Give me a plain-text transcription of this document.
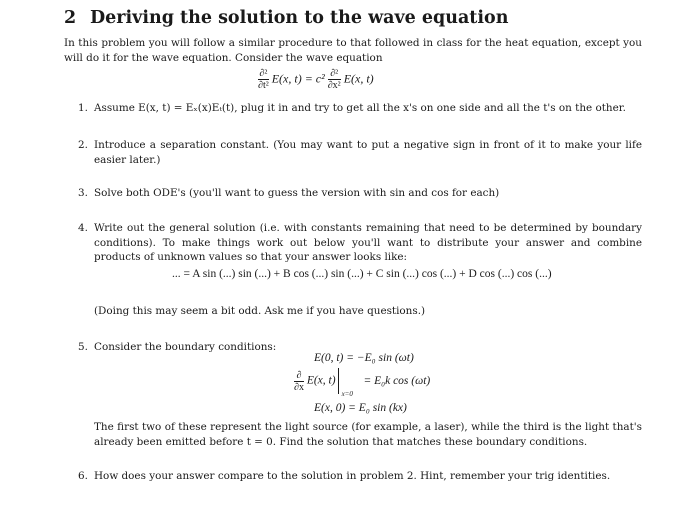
2 Deriving the solution to the wave equation
In this problem you will follow a similar procedure to that followed in class for the heat equation, except you will do it for the wave equation. Consider the wave equation
$\frac{\text{∂²}}{\text{∂t²}} E(x$, $t) = c^2 \frac{\text{∂²}}{\text{∂x²}} E(x$, t)
1. Assume E(x, t) = Eₓ(x)Eₜ(t), plug it in and try to get all the x's on one side and all the t's on the other.
2. Introduce a separation constant. (You may want to put a negative sign in front of it to make your life easier later.)
3. Solve both ODE's (you'll want to guess the version with sin and cos for each)
4. Write out the general solution (i.e. with constants remaining that need to be determined by boundary conditions). To make things work out below you'll want to distribute your answer and combine products of unknown values so that your answer looks like:
... = A sin (...) sin (...) + B cos (...) sin (...) + C sin (...) cos (...) + D cos (...) cos (...)
(Doing this may seem a bit odd. Ask me if you have questions.)
5. Consider the boundary conditions:
E(0, t) = −E₀ sin (ωt)
$\frac{\partial}{\partial x} E(x$, t)
x=0
= E₀k cos (ωt)
E(x, 0) = E₀ sin (kx)
The first two of these represent the light source (for example, a laser), while the third is the light that's already been emitted before t = 0. Find the solution that matches these boundary conditions.
6. How does your answer compare to the solution in problem 2. Hint, remember your trig identities.
